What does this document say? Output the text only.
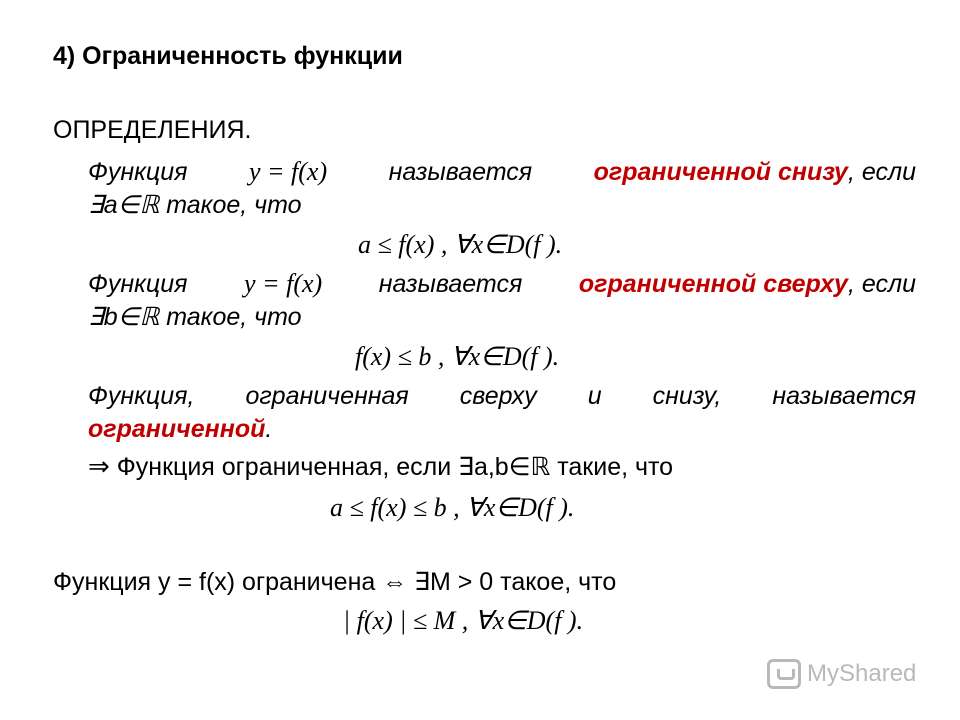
4) Ограниченность функции
ОПРЕДЕЛЕНИЯ.
Функция y = f(x) называется ограниченной снизу, если
∃a∈ℝ такое, что
a ≤ f(x) , ∀x∈D(f ).
Функция y = f(x) называется ограниченной сверху, если
∃b∈ℝ такое, что
f(x) ≤ b , ∀x∈D(f ).
Функция, ограниченная сверху и снизу, называется
ограниченной.
⇒ Функция ограниченная, если ∃a,b∈ℝ такие, что
a ≤ f(x) ≤ b , ∀x∈D(f ).
Функция y = f(x) ограничена ⇔ ∃M > 0 такое, что
| f(x) | ≤ M , ∀x∈D(f ).
MyShared
